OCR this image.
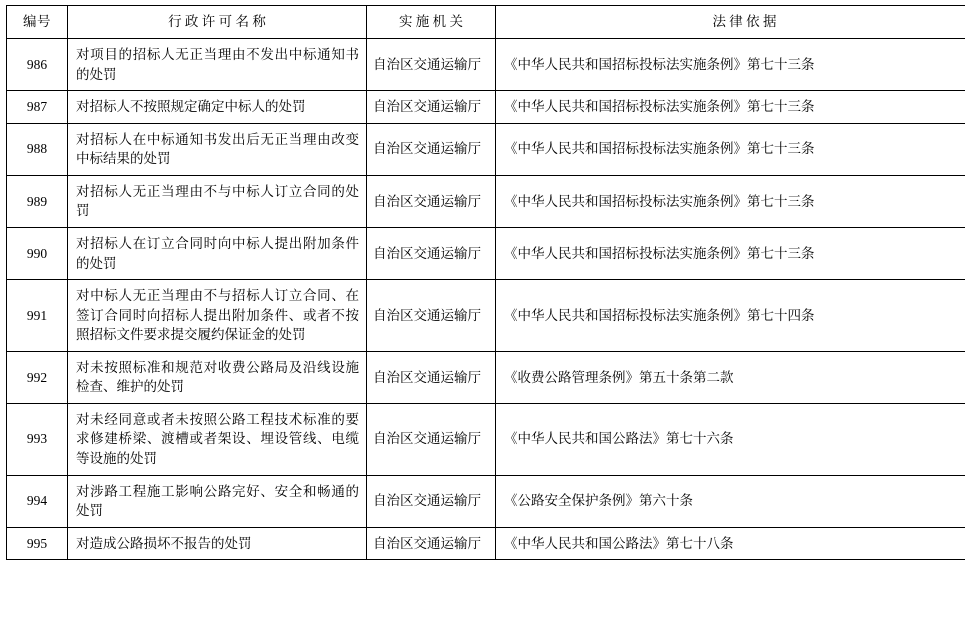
编号	行 政 许 可 名 称	实 施 机 关	法 律 依 据
986	对项目的招标人无正当理由不发出中标通知书的处罚	自治区交通运输厅	《中华人民共和国招标投标法实施条例》第七十三条
987	对招标人不按照规定确定中标人的处罚	自治区交通运输厅	《中华人民共和国招标投标法实施条例》第七十三条
988	对招标人在中标通知书发出后无正当理由改变中标结果的处罚	自治区交通运输厅	《中华人民共和国招标投标法实施条例》第七十三条
989	对招标人无正当理由不与中标人订立合同的处罚	自治区交通运输厅	《中华人民共和国招标投标法实施条例》第七十三条
990	对招标人在订立合同时向中标人提出附加条件的处罚	自治区交通运输厅	《中华人民共和国招标投标法实施条例》第七十三条
991	对中标人无正当理由不与招标人订立合同、在签订合同时向招标人提出附加条件、或者不按照招标文件要求提交履约保证金的处罚	自治区交通运输厅	《中华人民共和国招标投标法实施条例》第七十四条
992	对未按照标准和规范对收费公路局及沿线设施检查、维护的处罚	自治区交通运输厅	《收费公路管理条例》第五十条第二款
993	对未经同意或者未按照公路工程技术标准的要求修建桥梁、渡槽或者架设、埋设管线、电缆等设施的处罚	自治区交通运输厅	《中华人民共和国公路法》第七十六条
994	对涉路工程施工影响公路完好、安全和畅通的处罚	自治区交通运输厅	《公路安全保护条例》第六十条
995	对造成公路损坏不报告的处罚	自治区交通运输厅	《中华人民共和国公路法》第七十八条
